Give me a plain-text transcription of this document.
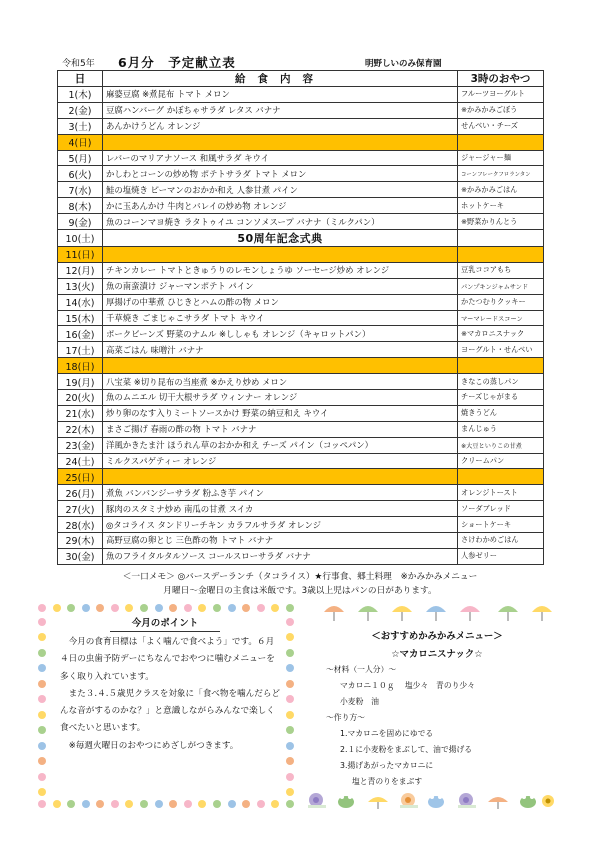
令和5年 6月分　予定献立表	明野しいのみ保育園
日	給食内容	3時のおやつ
1(木)	麻婆豆腐 ※煮昆布 トマト メロン	フルーツヨーグルト
2(金)	豆腐ハンバーグ かぼちゃサラダ レタス バナナ	※かみかみごぼう
3(土)	あんかけうどん オレンジ	せんべい・チーズ
4(日)		
5(月)	レバーのマリアナソース 和風サラダ キウイ	ジャージャー麺
6(火)	かしわとコーンの炒め物 ポテトサラダ トマト メロン	コーンフレークフロランタン
7(水)	鮭の塩焼き ピーマンのおかか和え 人参甘煮 パイン	※かみかみごはん
8(木)	かに玉あんかけ 牛肉とバレイの炒め物 オレンジ	ホットケーキ
9(金)	魚のコーンマヨ焼き ラタトゥイユ コンソメスープ バナナ（ミルクパン）	※野菜かりんとう
10(土)	50周年記念式典	
11(日)		
12(月)	チキンカレー トマトときゅうりのレモンしょうゆ ソーセージ炒め オレンジ	豆乳ココアもち
13(火)	魚の南蛮漬け ジャーマンポテト パイン	パンプキンジャムサンド
14(水)	厚揚げの中華煮 ひじきとハムの酢の物 メロン	かたつむりクッキー
15(木)	千草焼き ごまじゃこサラダ トマト キウイ	マーマレードスコーン
16(金)	ポークビーンズ 野菜のナムル ※ししゃも オレンジ（キャロットパン）	※マカロニスナック
17(土)	高菜ごはん 味噌汁 バナナ	ヨーグルト・せんべい
18(日)		
19(月)	八宝菜 ※切り昆布の当座煮 ※かえり炒め メロン	きなこの蒸しパン
20(火)	魚のムニエル 切干大根サラダ ウィンナー オレンジ	チーズじゃがまる
21(水)	炒り卵のなす入りミートソースかけ 野菜の納豆和え キウイ	焼きうどん
22(木)	まさご揚げ 春雨の酢の物 トマト バナナ	まんじゅう
23(金)	洋風かきたま汁 ほうれん草のおかか和え チーズ パイン（コッペパン）	※大豆といりこの甘煮
24(土)	ミルクスパゲティー オレンジ	クリームパン
25(日)		
26(月)	煮魚 バンバンジーサラダ 粉ふき芋 パイン	オレンジトースト
27(火)	豚肉のスタミナ炒め 南瓜の甘煮 スイカ	ソーダブレッド
28(水)	◎タコライス タンドリーチキン カラフルサラダ オレンジ	ショートケーキ
29(木)	高野豆腐の卵とじ 三色酢の物 トマト バナナ	さけわかめごはん
30(金)	魚のフライタルタルソース コールスローサラダ バナナ	人参ゼリー
＜一口メモ＞ ◎バースデーランチ（タコライス）★行事食、郷土料理　※かみかみメニュー
月曜日～金曜日の主食は米飯です。3歳以上児はパンの日があります。
今月のポイント

今月の食育目標は「よく噛んで食べよう」です。６月４日の虫歯予防デーにちなんでおやつに噛むメニューを多く取り入れています。

また３.４.５歳児クラスを対象に「食べ物を噛んだらどんな音がするのかな？」と意識しながらみんなで楽しく食べたいと思います。

※毎週火曜日のおやつにめざしがつきます。

＜おすすめかみかみメニュー＞
☆マカロニスナック☆
～材料（一人分）～
マカロニ１０ｇ　 塩少々　青のり少々
小麦粉　油
～作り方～
1.マカロニを固めにゆでる
2.１に小麦粉をまぶして、油で揚げる
3.揚げあがったマカロニに
塩と青のりをまぶす
